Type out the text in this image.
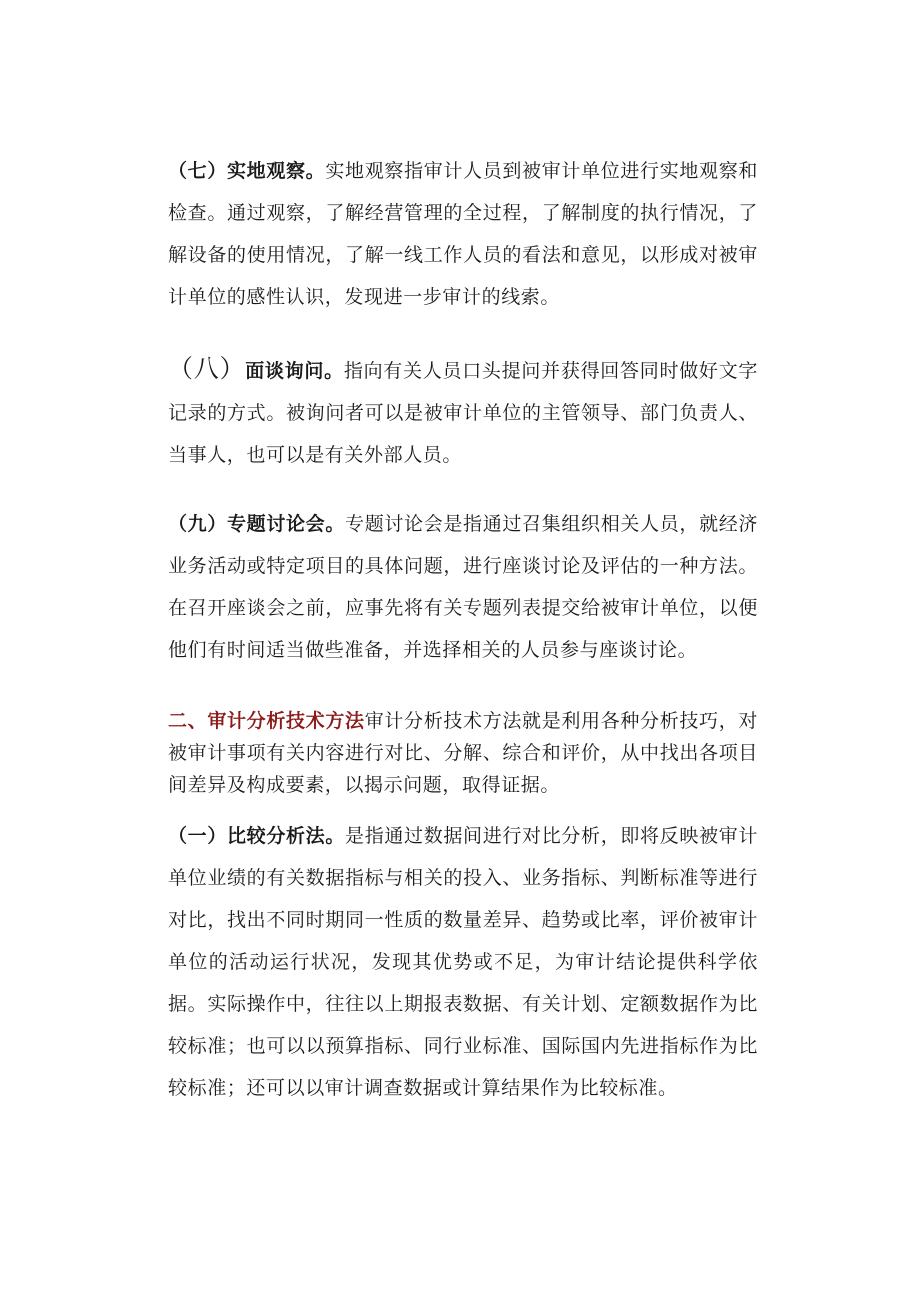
（七）实地观察。实地观察指审计人员到被审计单位进行实地观察和检查。通过观察，了解经营管理的全过程，了解制度的执行情况，了解设备的使用情况，了解一线工作人员的看法和意见，以形成对被审计单位的感性认识，发现进一步审计的线索。
（八）面谈询问。指向有关人员口头提问并获得回答同时做好文字记录的方式。被询问者可以是被审计单位的主管领导、部门负责人、当事人，也可以是有关外部人员。
（九）专题讨论会。专题讨论会是指通过召集组织相关人员，就经济业务活动或特定项目的具体问题，进行座谈讨论及评估的一种方法。在召开座谈会之前，应事先将有关专题列表提交给被审计单位，以便他们有时间适当做些准备，并选择相关的人员参与座谈讨论。
二、审计分析技术方法审计分析技术方法就是利用各种分析技巧，对被审计事项有关内容进行对比、分解、综合和评价，从中找出各项目间差异及构成要素，以揭示问题，取得证据。
（一）比较分析法。是指通过数据间进行对比分析，即将反映被审计单位业绩的有关数据指标与相关的投入、业务指标、判断标准等进行对比，找出不同时期同一性质的数量差异、趋势或比率，评价被审计单位的活动运行状况，发现其优势或不足，为审计结论提供科学依据。实际操作中，往往以上期报表数据、有关计划、定额数据作为比较标准；也可以以预算指标、同行业标准、国际国内先进指标作为比较标准；还可以以审计调查数据或计算结果作为比较标准。
